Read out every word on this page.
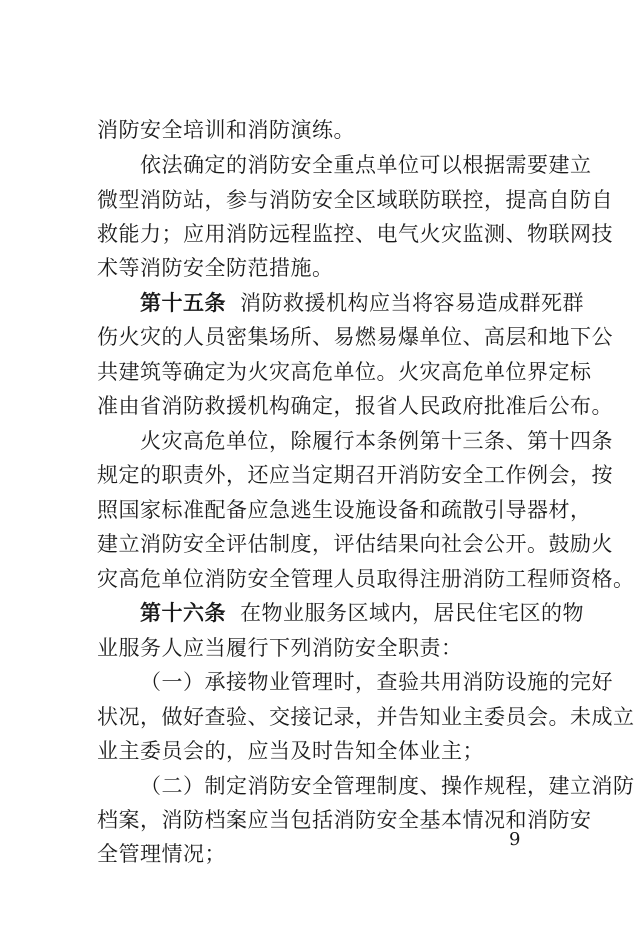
消防安全培训和消防演练。
依法确定的消防安全重点单位可以根据需要建立
微型消防站，参与消防安全区域联防联控，提高自防自
救能力；应用消防远程监控、电气火灾监测、物联网技
术等消防安全防范措施。
第十五条 消防救援机构应当将容易造成群死群
伤火灾的人员密集场所、易燃易爆单位、高层和地下公
共建筑等确定为火灾高危单位。火灾高危单位界定标
准由省消防救援机构确定，报省人民政府批准后公布。
火灾高危单位，除履行本条例第十三条、第十四条
规定的职责外，还应当定期召开消防安全工作例会，按
照国家标准配备应急逃生设施设备和疏散引导器材，
建立消防安全评估制度，评估结果向社会公开。鼓励火
灾高危单位消防安全管理人员取得注册消防工程师资格。
第十六条 在物业服务区域内，居民住宅区的物
业服务人应当履行下列消防安全职责：
（一）承接物业管理时，查验共用消防设施的完好
状况，做好查验、交接记录，并告知业主委员会。未成立
业主委员会的，应当及时告知全体业主；
（二）制定消防安全管理制度、操作规程，建立消防
档案，消防档案应当包括消防安全基本情况和消防安
全管理情况；
9
